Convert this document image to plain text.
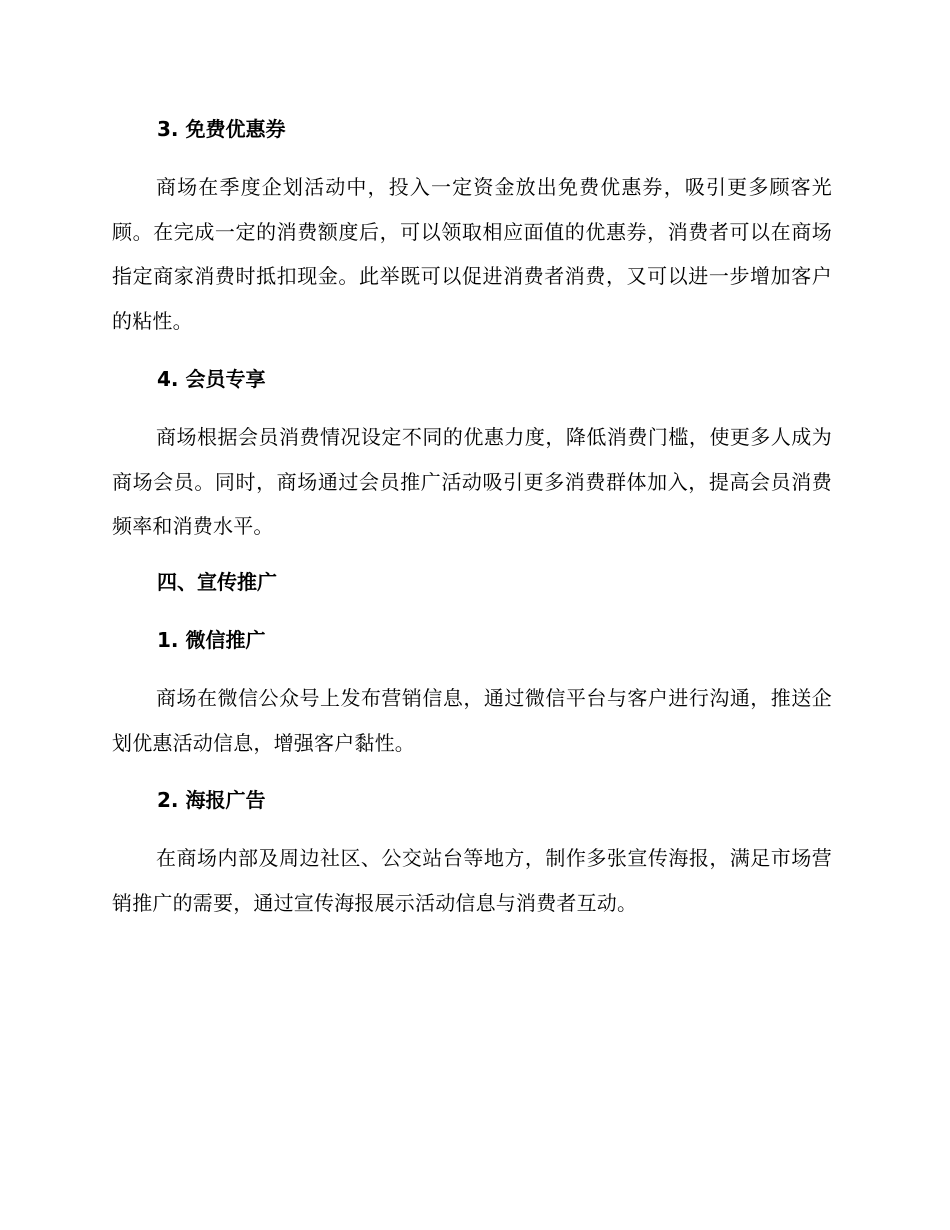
3. 免费优惠券
商场在季度企划活动中，投入一定资金放出免费优惠券，吸引更多顾客光顾。在完成一定的消费额度后，可以领取相应面值的优惠券，消费者可以在商场指定商家消费时抵扣现金。此举既可以促进消费者消费，又可以进一步增加客户的粘性。
4. 会员专享
商场根据会员消费情况设定不同的优惠力度，降低消费门槛，使更多人成为商场会员。同时，商场通过会员推广活动吸引更多消费群体加入，提高会员消费频率和消费水平。
四、宣传推广
1. 微信推广
商场在微信公众号上发布营销信息，通过微信平台与客户进行沟通，推送企划优惠活动信息，增强客户黏性。
2. 海报广告
在商场内部及周边社区、公交站台等地方，制作多张宣传海报，满足市场营销推广的需要，通过宣传海报展示活动信息与消费者互动。
